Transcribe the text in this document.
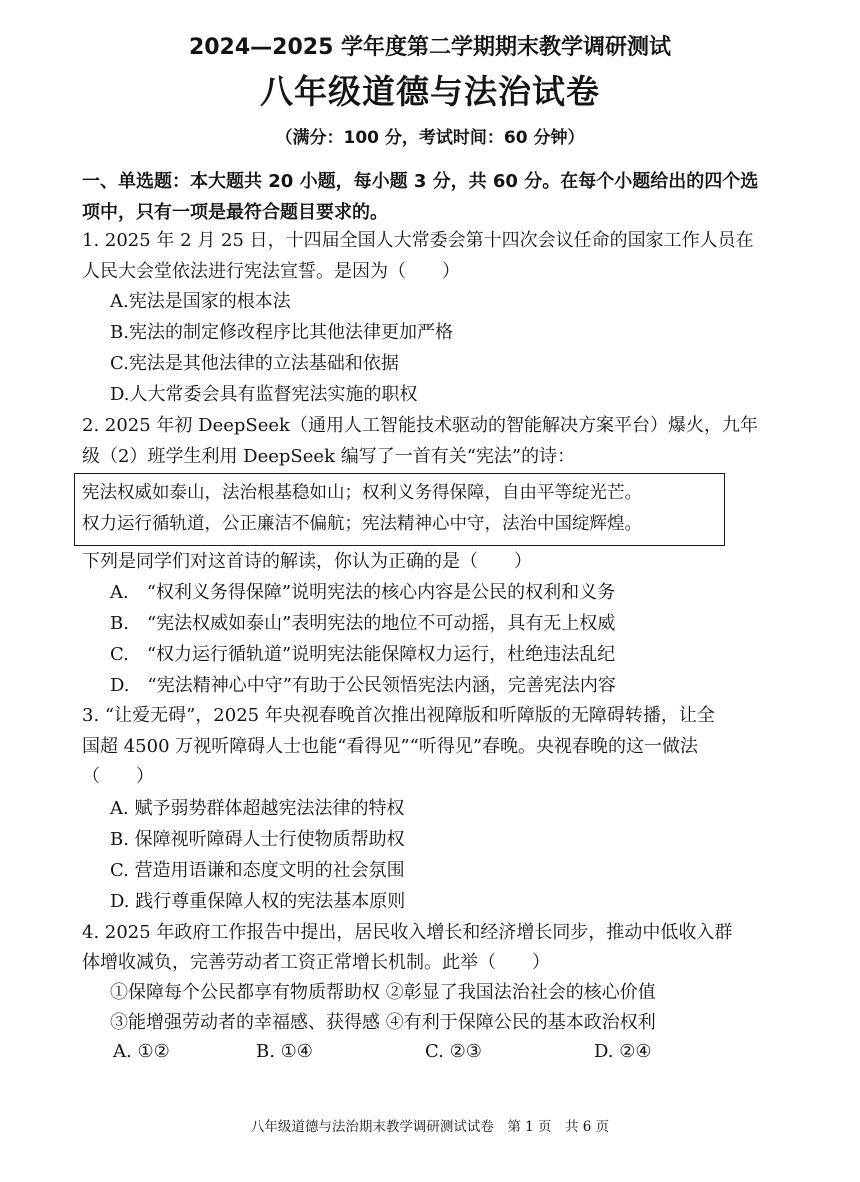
2024—2025 学年度第二学期期末教学调研测试
八年级道德与法治试卷
（满分：100 分，考试时间：60 分钟）
一、单选题：本大题共 20 小题，每小题 3 分，共 60 分。在每个小题给出的四个选
项中，只有一项是最符合题目要求的。
1. 2025 年 2 月 25 日，十四届全国人大常委会第十四次会议任命的国家工作人员在
人民大会堂依法进行宪法宣誓。是因为（　　）
A.宪法是国家的根本法
B.宪法的制定修改程序比其他法律更加严格
C.宪法是其他法律的立法基础和依据
D.人大常委会具有监督宪法实施的职权
2. 2025 年初 DeepSeek（通用人工智能技术驱动的智能解决方案平台）爆火，九年
级（2）班学生利用 DeepSeek 编写了一首有关“宪法”的诗：
宪法权威如泰山，法治根基稳如山；权利义务得保障，自由平等绽光芒。
权力运行循轨道，公正廉洁不偏航；宪法精神心中守，法治中国绽辉煌。
下列是同学们对这首诗的解读，你认为正确的是（　　）
A.　“权利义务得保障”说明宪法的核心内容是公民的权利和义务
B.　“宪法权威如泰山”表明宪法的地位不可动摇，具有无上权威
C.　“权力运行循轨道”说明宪法能保障权力运行，杜绝违法乱纪
D.　“宪法精神心中守”有助于公民领悟宪法内涵，完善宪法内容
3. “让爱无碍”，2025 年央视春晚首次推出视障版和听障版的无障碍转播，让全
国超 4500 万视听障碍人士也能“看得见”“听得见”春晚。央视春晚的这一做法
（　　）
A. 赋予弱势群体超越宪法法律的特权
B. 保障视听障碍人士行使物质帮助权
C. 营造用语谦和态度文明的社会氛围
D. 践行尊重保障人权的宪法基本原则
4. 2025 年政府工作报告中提出，居民收入增长和经济增长同步，推动中低收入群
体增收减负，完善劳动者工资正常增长机制。此举（　　）
①保障每个公民都享有物质帮助权 ②彰显了我国法治社会的核心价值
③能增强劳动者的幸福感、获得感 ④有利于保障公民的基本政治权利
A. ①②	B. ①④	C. ②③	D. ②④
八年级道德与法治期末教学调研测试试卷　第 1 页　共 6 页
